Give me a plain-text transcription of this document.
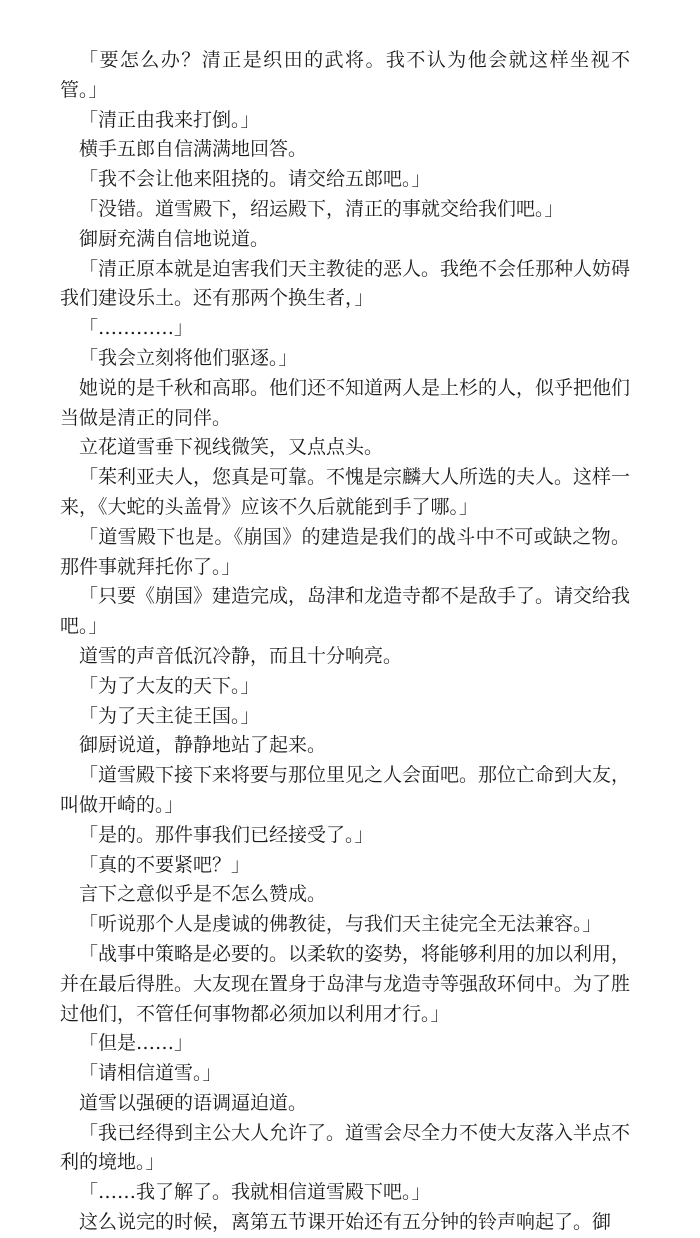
「要怎么办？清正是织田的武将。我不认为他会就这样坐视不管。」

「清正由我来打倒。」

横手五郎自信满满地回答。

「我不会让他来阻挠的。请交给五郎吧。」

「没错。道雪殿下，绍运殿下，清正的事就交给我们吧。」

御厨充满自信地说道。

「清正原本就是迫害我们天主教徒的恶人。我绝不会任那种人妨碍我们建设乐土。还有那两个换生者，」

「…………」

「我会立刻将他们驱逐。」

她说的是千秋和高耶。他们还不知道两人是上杉的人，似乎把他们当做是清正的同伴。

立花道雪垂下视线微笑，又点点头。

「茱利亚夫人，您真是可靠。不愧是宗麟大人所选的夫人。这样一来，《大蛇的头盖骨》应该不久后就能到手了哪。」

「道雪殿下也是。《崩国》的建造是我们的战斗中不可或缺之物。那件事就拜托你了。」

「只要《崩国》建造完成，岛津和龙造寺都不是敌手了。请交给我吧。」

道雪的声音低沉冷静，而且十分响亮。

「为了大友的天下。」

「为了天主徒王国。」

御厨说道，静静地站了起来。

「道雪殿下接下来将要与那位里见之人会面吧。那位亡命到大友，叫做开崎的。」

「是的。那件事我们已经接受了。」

「真的不要紧吧？」

言下之意似乎是不怎么赞成。

「听说那个人是虔诚的佛教徒，与我们天主徒完全无法兼容。」

「战事中策略是必要的。以柔软的姿势，将能够利用的加以利用，并在最后得胜。大友现在置身于岛津与龙造寺等强敌环伺中。为了胜过他们，不管任何事物都必须加以利用才行。」

「但是……」

「请相信道雪。」

道雪以强硬的语调逼迫道。

「我已经得到主公大人允许了。道雪会尽全力不使大友落入半点不利的境地。」

「……我了解了。我就相信道雪殿下吧。」

这么说完的时候，离第五节课开始还有五分钟的铃声响起了。御
